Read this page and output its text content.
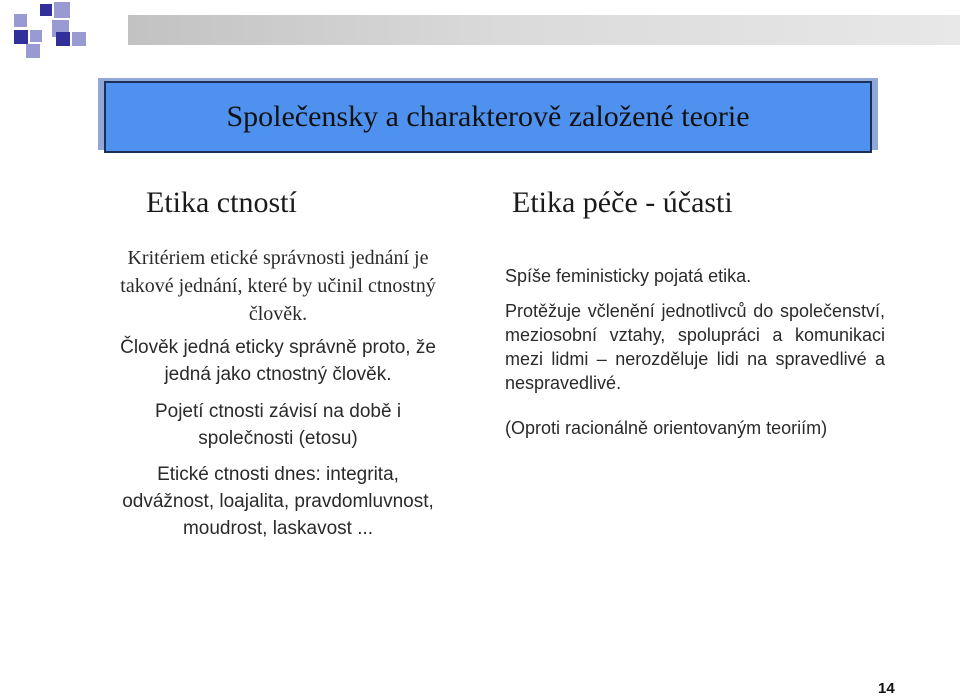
Společensky a charakterově založené teorie
Etika ctností
Kritériem etické správnosti jednání je takové jednání, které by učinil ctnostný člověk.
Člověk jedná eticky správně proto, že jedná jako ctnostný člověk.
Pojetí ctnosti závisí na době i společnosti (etosu)
Etické ctnosti dnes: integrita, odvážnost, loajalita, pravdomluvnost, moudrost, laskavost ...
Etika péče - účasti
Spíše feministicky pojatá etika.
Protěžuje včlenění jednotlivců do společenství, meziosobní vztahy, spolupráci a komunikaci mezi lidmi – nerozděluje lidi na spravedlivé a nespravedlivé.
(Oproti racionálně orientovaným teoriím)
14
